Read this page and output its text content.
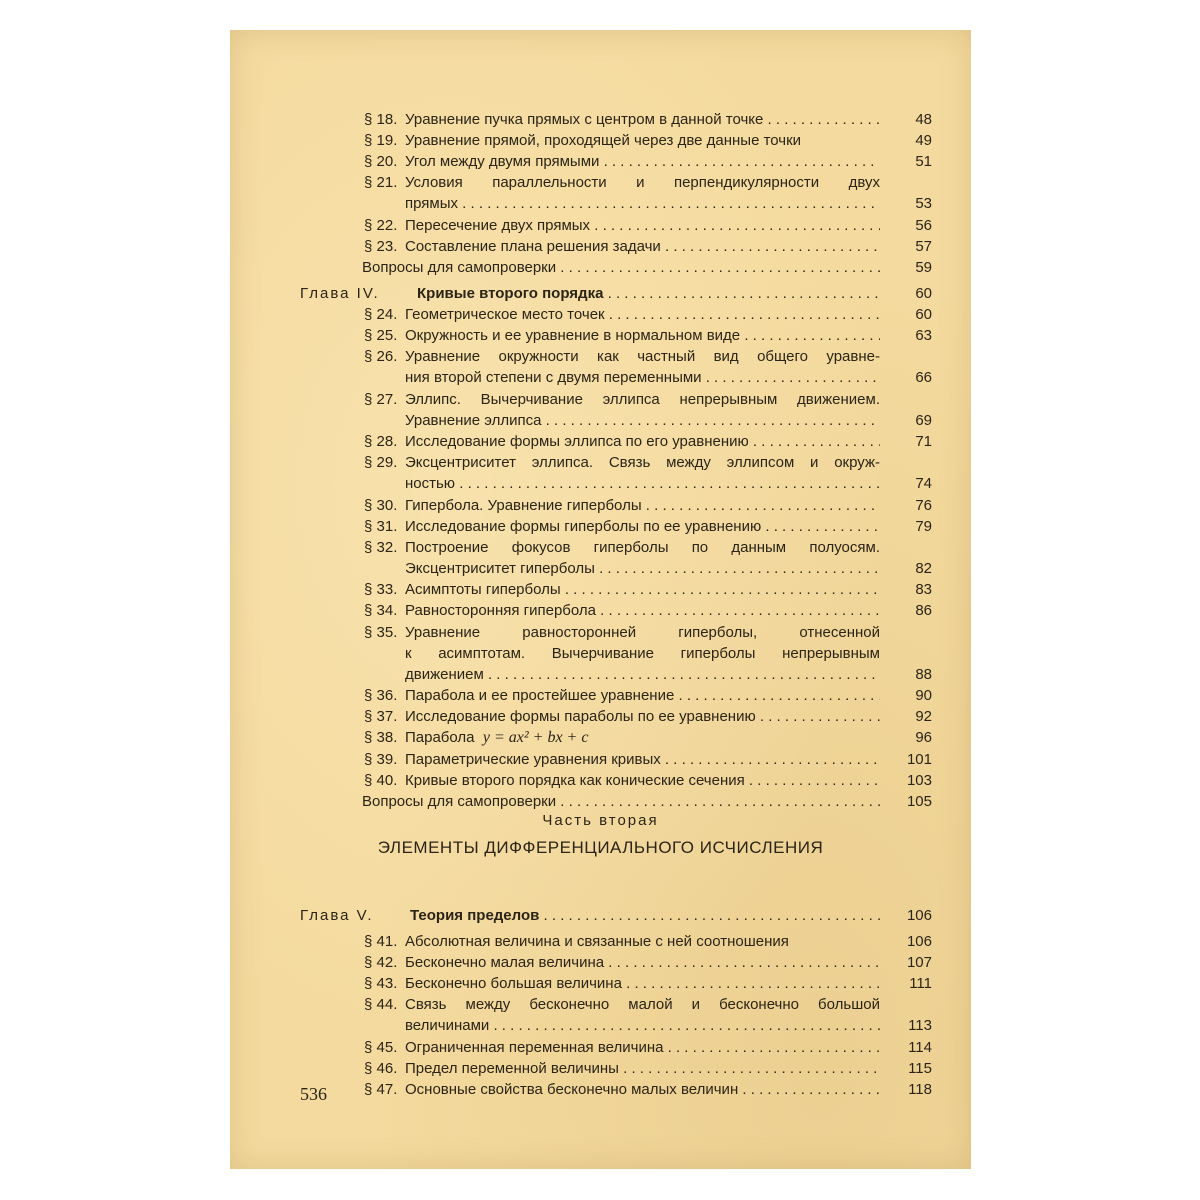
§ 18. Уравнение пучка прямых с центром в данной точке . . .	48
§ 19. Уравнение прямой, проходящей через две данные точки	49
§ 20. Угол между двумя прямыми . . .	51
§ 21. Условия параллельности и перпендикулярности двух
прямых . . .	53
§ 22. Пересечение двух прямых . . .	56
§ 23. Составление плана решения задачи . . .	57
Вопросы для самопроверки . . .	59
Глава IV. Кривые второго порядка . . .	60
§ 24. Геометрическое место точек . . .	60
§ 25. Окружность и ее уравнение в нормальном виде . . .	63
§ 26. Уравнение окружности как частный вид общего уравне-
ния второй степени с двумя переменными . . .	66
§ 27. Эллипс. Вычерчивание эллипса непрерывным движением.
Уравнение эллипса . . .	69
§ 28. Исследование формы эллипса по его уравнению . . .	71
§ 29. Эксцентриситет эллипса. Связь между эллипсом и окруж-
ностью . . .	74
§ 30. Гипербола. Уравнение гиперболы . . .	76
§ 31. Исследование формы гиперболы по ее уравнению . . .	79
§ 32. Построение фокусов гиперболы по данным полуосям.
Эксцентриситет гиперболы . . .	82
§ 33. Асимптоты гиперболы . . .	83
§ 34. Равносторонняя гипербола . . .	86
§ 35. Уравнение равносторонней гиперболы, отнесенной
к асимптотам. Вычерчивание гиперболы непрерывным
движением . . .	88
§ 36. Парабола и ее простейшее уравнение . . .	90
§ 37. Исследование формы параболы по ее уравнению . . .	92
§ 38. Парабола y = ax² + bx + c	96
§ 39. Параметрические уравнения кривых . . .	101
§ 40. Кривые второго порядка как конические сечения . . .	103
Вопросы для самопроверки . . .	105
Часть вторая
ЭЛЕМЕНТЫ ДИФФЕРЕНЦИАЛЬНОГО ИСЧИСЛЕНИЯ
Глава V. Теория пределов . . .	106
§ 41. Абсолютная величина и связанные с ней соотношения	106
§ 42. Бесконечно малая величина . . .	107
§ 43. Бесконечно большая величина . . .	111
§ 44. Связь между бесконечно малой и бесконечно большой
величинами . . .	113
§ 45. Ограниченная переменная величина . . .	114
§ 46. Предел переменной величины . . .	115
§ 47. Основные свойства бесконечно малых величин . . .	118
536
